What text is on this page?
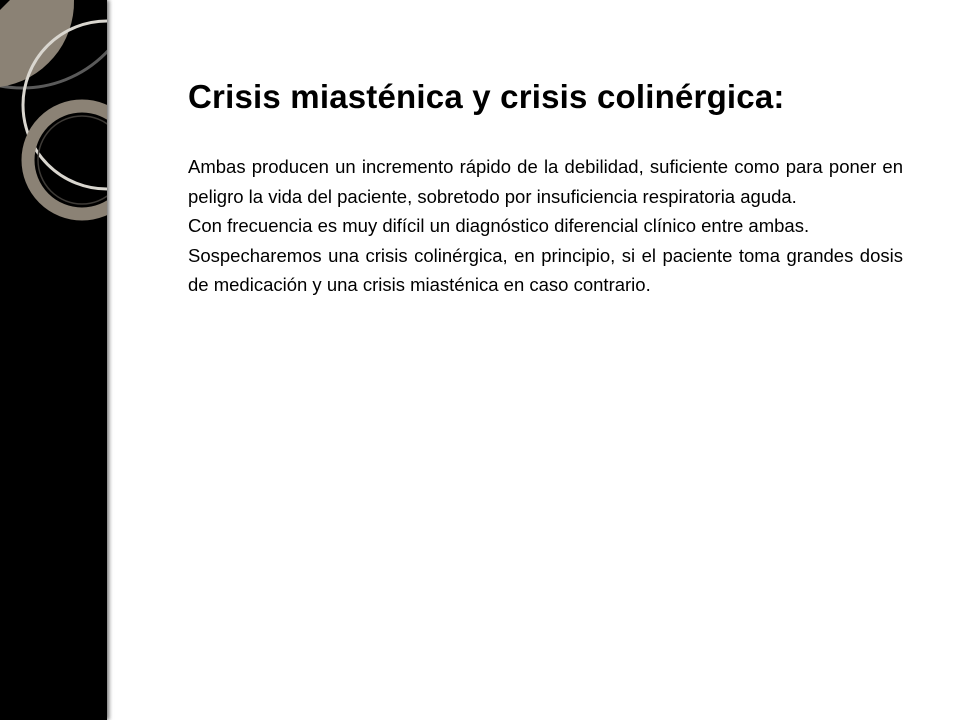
Crisis miasténica y crisis colinérgica:

Ambas producen un incremento rápido de la debilidad, suficiente como para poner en peligro la vida del paciente, sobretodo por insuficiencia respiratoria aguda.

Con frecuencia es muy difícil un diagnóstico diferencial clínico entre ambas.

Sospecharemos una crisis colinérgica, en principio, si el paciente toma grandes dosis de medicación y una crisis miasténica en caso contrario.
